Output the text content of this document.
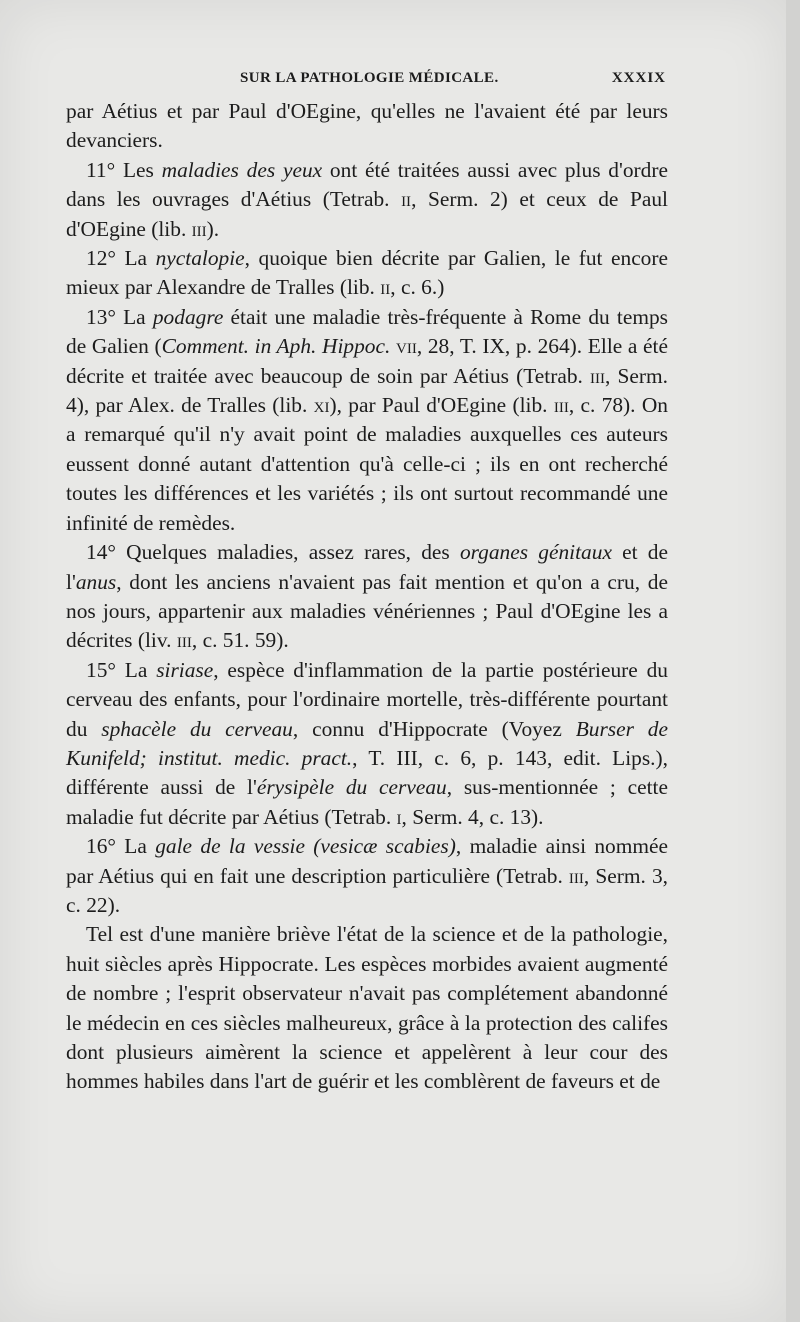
SUR LA PATHOLOGIE MÉDICALE.	XXXIX

par Aétius et par Paul d'OEgine, qu'elles ne l'avaient été par leurs devanciers.

11° Les maladies des yeux ont été traitées aussi avec plus d'ordre dans les ouvrages d'Aétius (Tetrab. ii, Serm. 2) et ceux de Paul d'OEgine (lib. iii).

12° La nyctalopie, quoique bien décrite par Galien, le fut encore mieux par Alexandre de Tralles (lib. ii, c. 6.)

13° La podagre était une maladie très-fréquente à Rome du temps de Galien (Comment. in Aph. Hippoc. vii, 28, T. IX, p. 264). Elle a été décrite et traitée avec beaucoup de soin par Aétius (Tetrab. iii, Serm. 4), par Alex. de Tralles (lib. xi), par Paul d'OEgine (lib. iii, c. 78). On a remarqué qu'il n'y avait point de maladies auxquelles ces auteurs eussent donné autant d'attention qu'à celle-ci ; ils en ont recherché toutes les différences et les variétés ; ils ont surtout recommandé une infinité de remèdes.

14° Quelques maladies, assez rares, des organes génitaux et de l'anus, dont les anciens n'avaient pas fait mention et qu'on a cru, de nos jours, appartenir aux maladies vénériennes ; Paul d'OEgine les a décrites (liv. iii, c. 51. 59).

15° La siriase, espèce d'inflammation de la partie postérieure du cerveau des enfants, pour l'ordinaire mortelle, très-différente pourtant du sphacèle du cerveau, connu d'Hippocrate (Voyez Burser de Kunifeld; institut. medic. pract., T. III, c. 6, p. 143, edit. Lips.), différente aussi de l'érysipèle du cerveau, sus-mentionnée ; cette maladie fut décrite par Aétius (Tetrab. i, Serm. 4, c. 13).

16° La gale de la vessie (vesicæ scabies), maladie ainsi nommée par Aétius qui en fait une description particulière (Tetrab. iii, Serm. 3, c. 22).

Tel est d'une manière briève l'état de la science et de la pathologie, huit siècles après Hippocrate. Les espèces morbides avaient augmenté de nombre ; l'esprit observateur n'avait pas complétement abandonné le médecin en ces siècles malheureux, grâce à la protection des califes dont plusieurs aimèrent la science et appelèrent à leur cour des hommes habiles dans l'art de guérir et les comblèrent de faveurs et de
